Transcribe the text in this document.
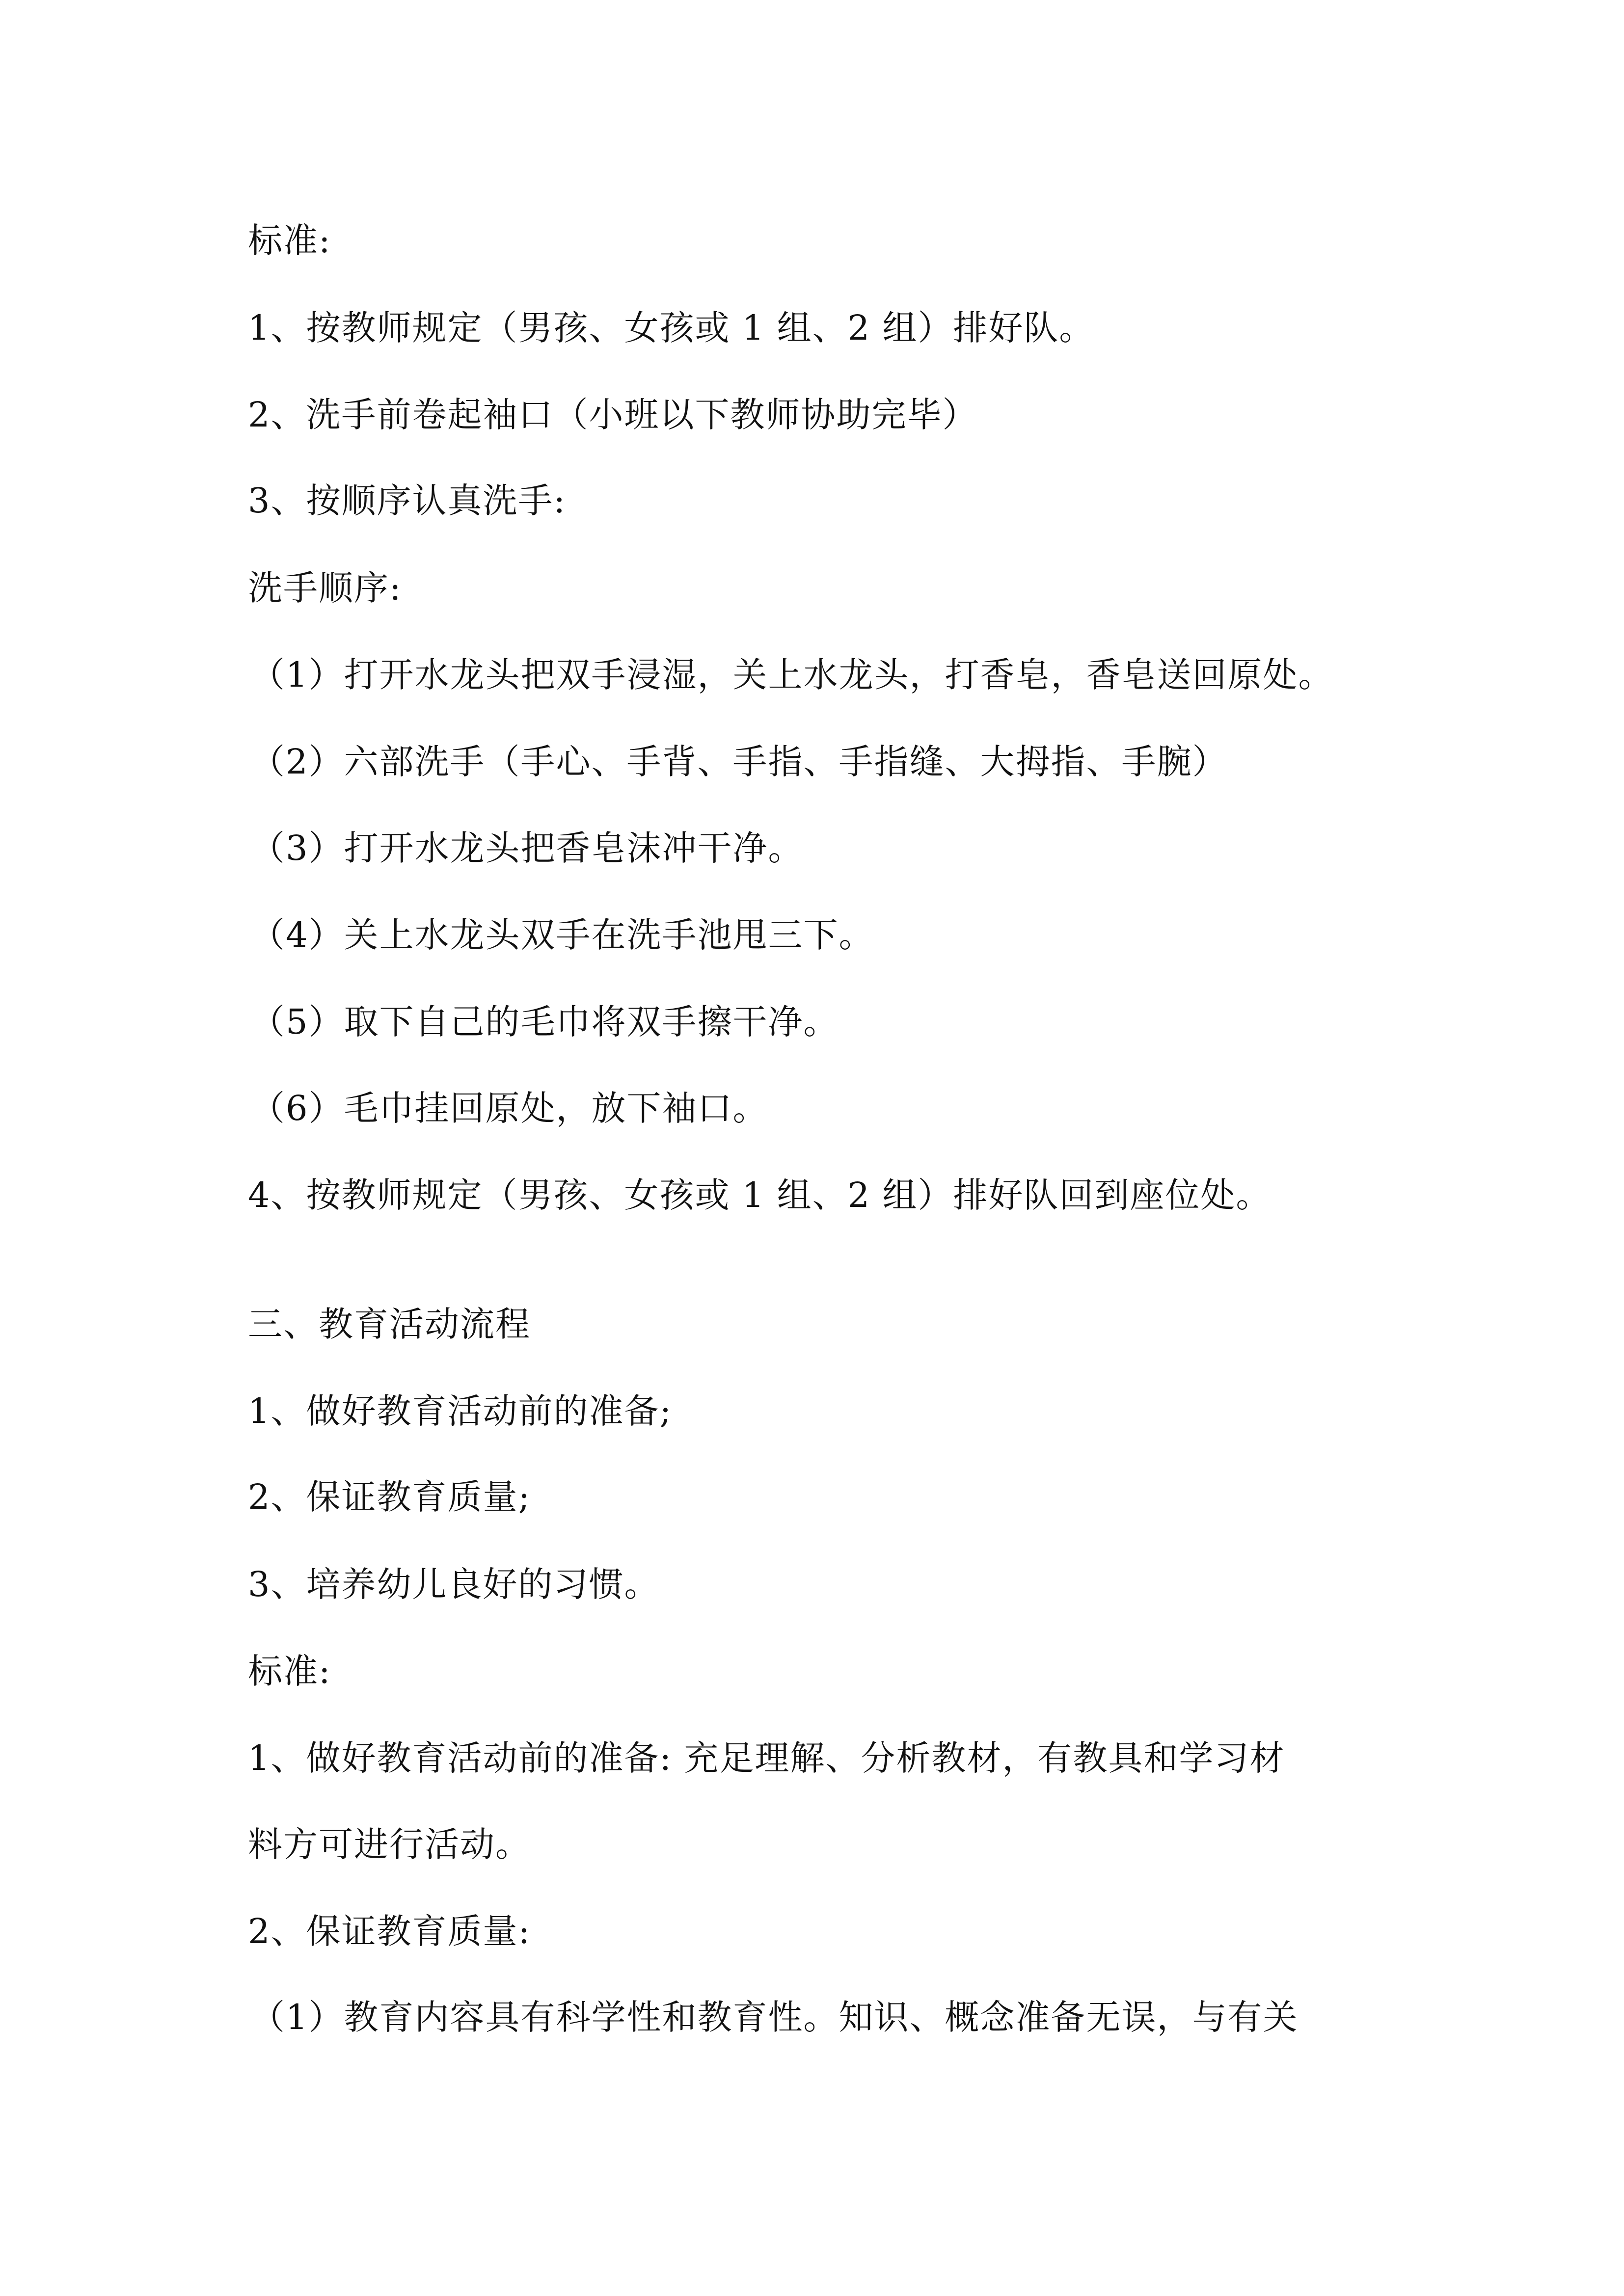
标准:
1、按教师规定（男孩、女孩或 1 组、2 组）排好队。
2、洗手前卷起袖口（小班以下教师协助完毕）
3、按顺序认真洗手:
洗手顺序:
（1）打开水龙头把双手浸湿，关上水龙头，打香皂，香皂送回原处。
（2）六部洗手（手心、手背、手指、手指缝、大拇指、手腕）
（3）打开水龙头把香皂沫冲干净。
（4）关上水龙头双手在洗手池甩三下。
（5）取下自己的毛巾将双手擦干净。
（6）毛巾挂回原处，放下袖口。
4、按教师规定（男孩、女孩或 1 组、2 组）排好队回到座位处。
三、教育活动流程
1、做好教育活动前的准备;
2、保证教育质量;
3、培养幼儿良好的习惯。
标准:
1、做好教育活动前的准备: 充足理解、分析教材，有教具和学习材
料方可进行活动。
2、保证教育质量:
（1）教育内容具有科学性和教育性。知识、概念准备无误，与有关
